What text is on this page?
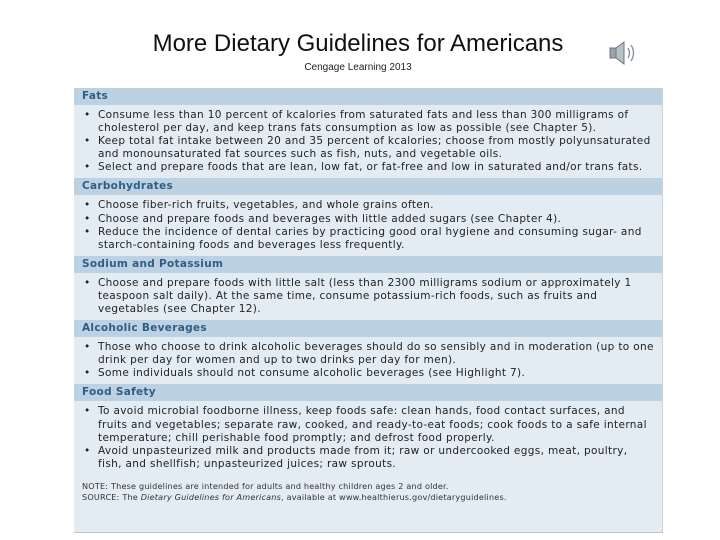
More Dietary Guidelines for Americans
Cengage Learning 2013
Fats
• Consume less than 10 percent of kcalories from saturated fats and less than 300 milligrams of cholesterol per day, and keep trans fats consumption as low as possible (see Chapter 5).
• Keep total fat intake between 20 and 35 percent of kcalories; choose from mostly polyunsaturated and monounsaturated fat sources such as fish, nuts, and vegetable oils.
• Select and prepare foods that are lean, low fat, or fat-free and low in saturated and/or trans fats.
Carbohydrates
• Choose fiber-rich fruits, vegetables, and whole grains often.
• Choose and prepare foods and beverages with little added sugars (see Chapter 4).
• Reduce the incidence of dental caries by practicing good oral hygiene and consuming sugar- and starch-containing foods and beverages less frequently.
Sodium and Potassium
• Choose and prepare foods with little salt (less than 2300 milligrams sodium or approximately 1 teaspoon salt daily). At the same time, consume potassium-rich foods, such as fruits and vegetables (see Chapter 12).
Alcoholic Beverages
• Those who choose to drink alcoholic beverages should do so sensibly and in moderation (up to one drink per day for women and up to two drinks per day for men).
• Some individuals should not consume alcoholic beverages (see Highlight 7).
Food Safety
• To avoid microbial foodborne illness, keep foods safe: clean hands, food contact surfaces, and fruits and vegetables; separate raw, cooked, and ready-to-eat foods; cook foods to a safe internal temperature; chill perishable food promptly; and defrost food properly.
• Avoid unpasteurized milk and products made from it; raw or undercooked eggs, meat, poultry, fish, and shellfish; unpasteurized juices; raw sprouts.
NOTE: These guidelines are intended for adults and healthy children ages 2 and older.
SOURCE: The Dietary Guidelines for Americans, available at www.healthierus.gov/dietaryguidelines.
